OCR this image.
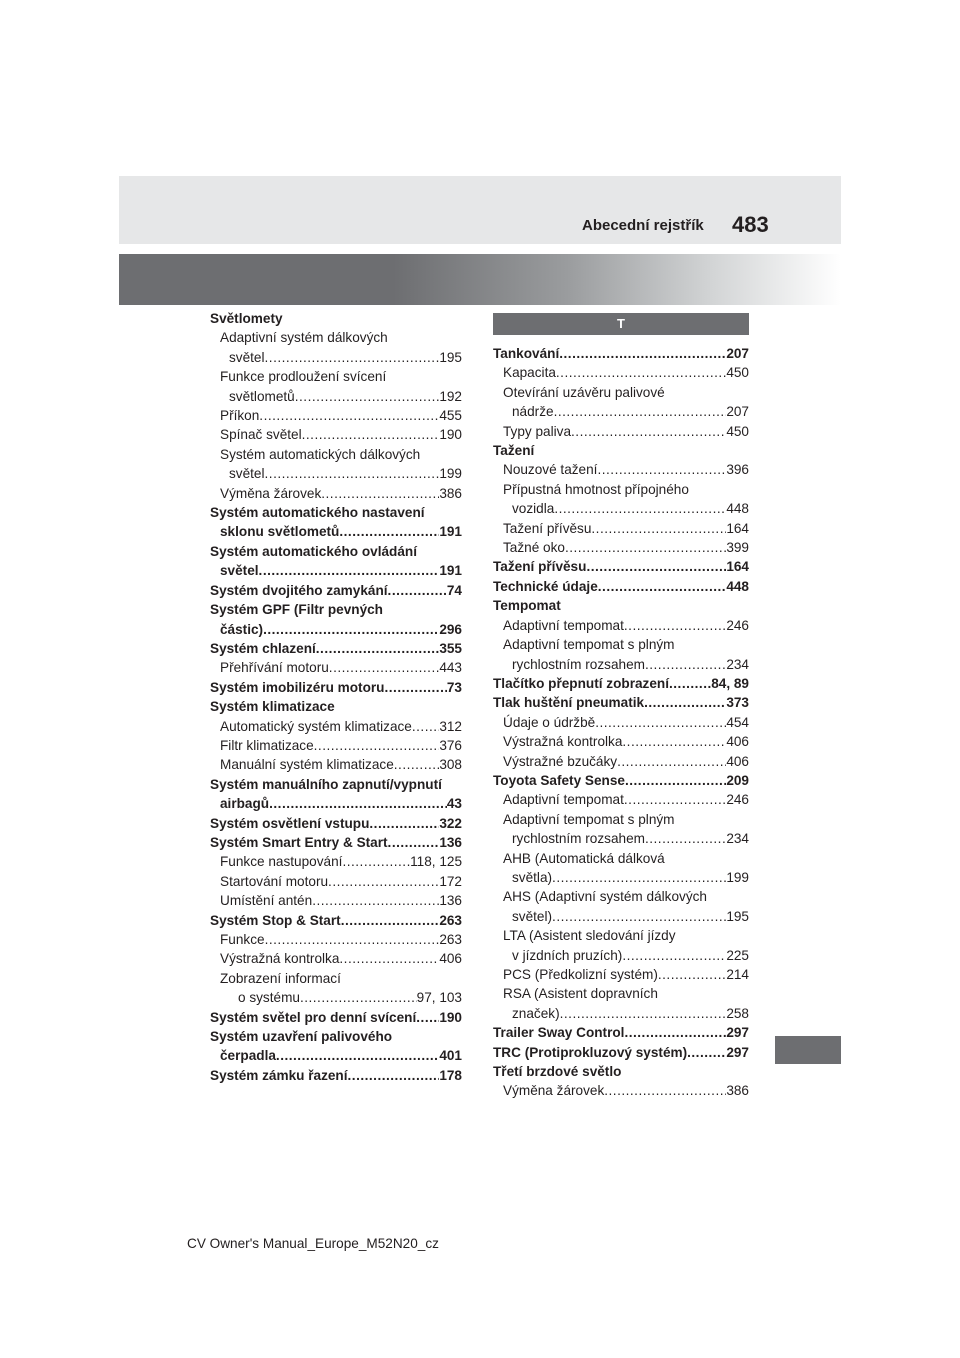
Abecední rejstřík 483
Světlomety
Adaptivní systém dálkových
světel .....	195
Funkce prodloužení svícení
světlometů .....	192
Příkon .....	455
Spínač světel .....	190
Systém automatických dálkových
světel .....	199
Výměna žárovek .....	386
Systém automatického nastavení
sklonu světlometů .....	191
Systém automatického ovládání
světel .....	191
Systém dvojitého zamykání .....	74
Systém GPF (Filtr pevných
částic) .....	296
Systém chlazení .....	355
Přehřívání motoru .....	443
Systém imobilizéru motoru .....	73
Systém klimatizace
Automatický systém klimatizace ..... 312
Filtr klimatizace .....	376
Manuální systém klimatizace .....	308
Systém manuálního zapnutí/vypnutí
airbagů .....	43
Systém osvětlení vstupu .....	322
Systém Smart Entry & Start .....	136
Funkce nastupování .....	118, 125
Startování motoru .....	172
Umístění antén .....	136
Systém Stop & Start .....	263
Funkce .....	263
Výstražná kontrolka .....	406
Zobrazení informací
o systému .....	97, 103
Systém světel pro denní svícení ..... 190
Systém uzavření palivového
čerpadla .....	401
Systém zámku řazení .....	178
T
Tankování .....	207
Kapacita .....	450
Otevírání uzávěru palivové
nádrže .....	207
Typy paliva .....	450
Tažení
Nouzové tažení .....	396
Přípustná hmotnost přípojného
vozidla .....	448
Tažení přívěsu .....	164
Tažné oko .....	399
Tažení přívěsu .....	164
Technické údaje .....	448
Tempomat
Adaptivní tempomat .....	246
Adaptivní tempomat s plným
rychlostním rozsahem .....	234
Tlačítko přepnutí zobrazení .....	84, 89
Tlak huštění pneumatik .....	373
Údaje o údržbě .....	454
Výstražná kontrolka .....	406
Výstražné bzučáky .....	406
Toyota Safety Sense .....	209
Adaptivní tempomat .....	246
Adaptivní tempomat s plným
rychlostním rozsahem .....	234
AHB (Automatická dálková
světla) .....	199
AHS (Adaptivní systém dálkových
světel) .....	195
LTA (Asistent sledování jízdy
v jízdních pruzích) .....	225
PCS (Předkolizní systém) .....	214
RSA (Asistent dopravních
značek) .....	258
Trailer Sway Control .....	297
TRC (Protiprokluzový systém) .....	297
Třetí brzdové světlo
Výměna žárovek .....	386
CV Owner's Manual_Europe_M52N20_cz
